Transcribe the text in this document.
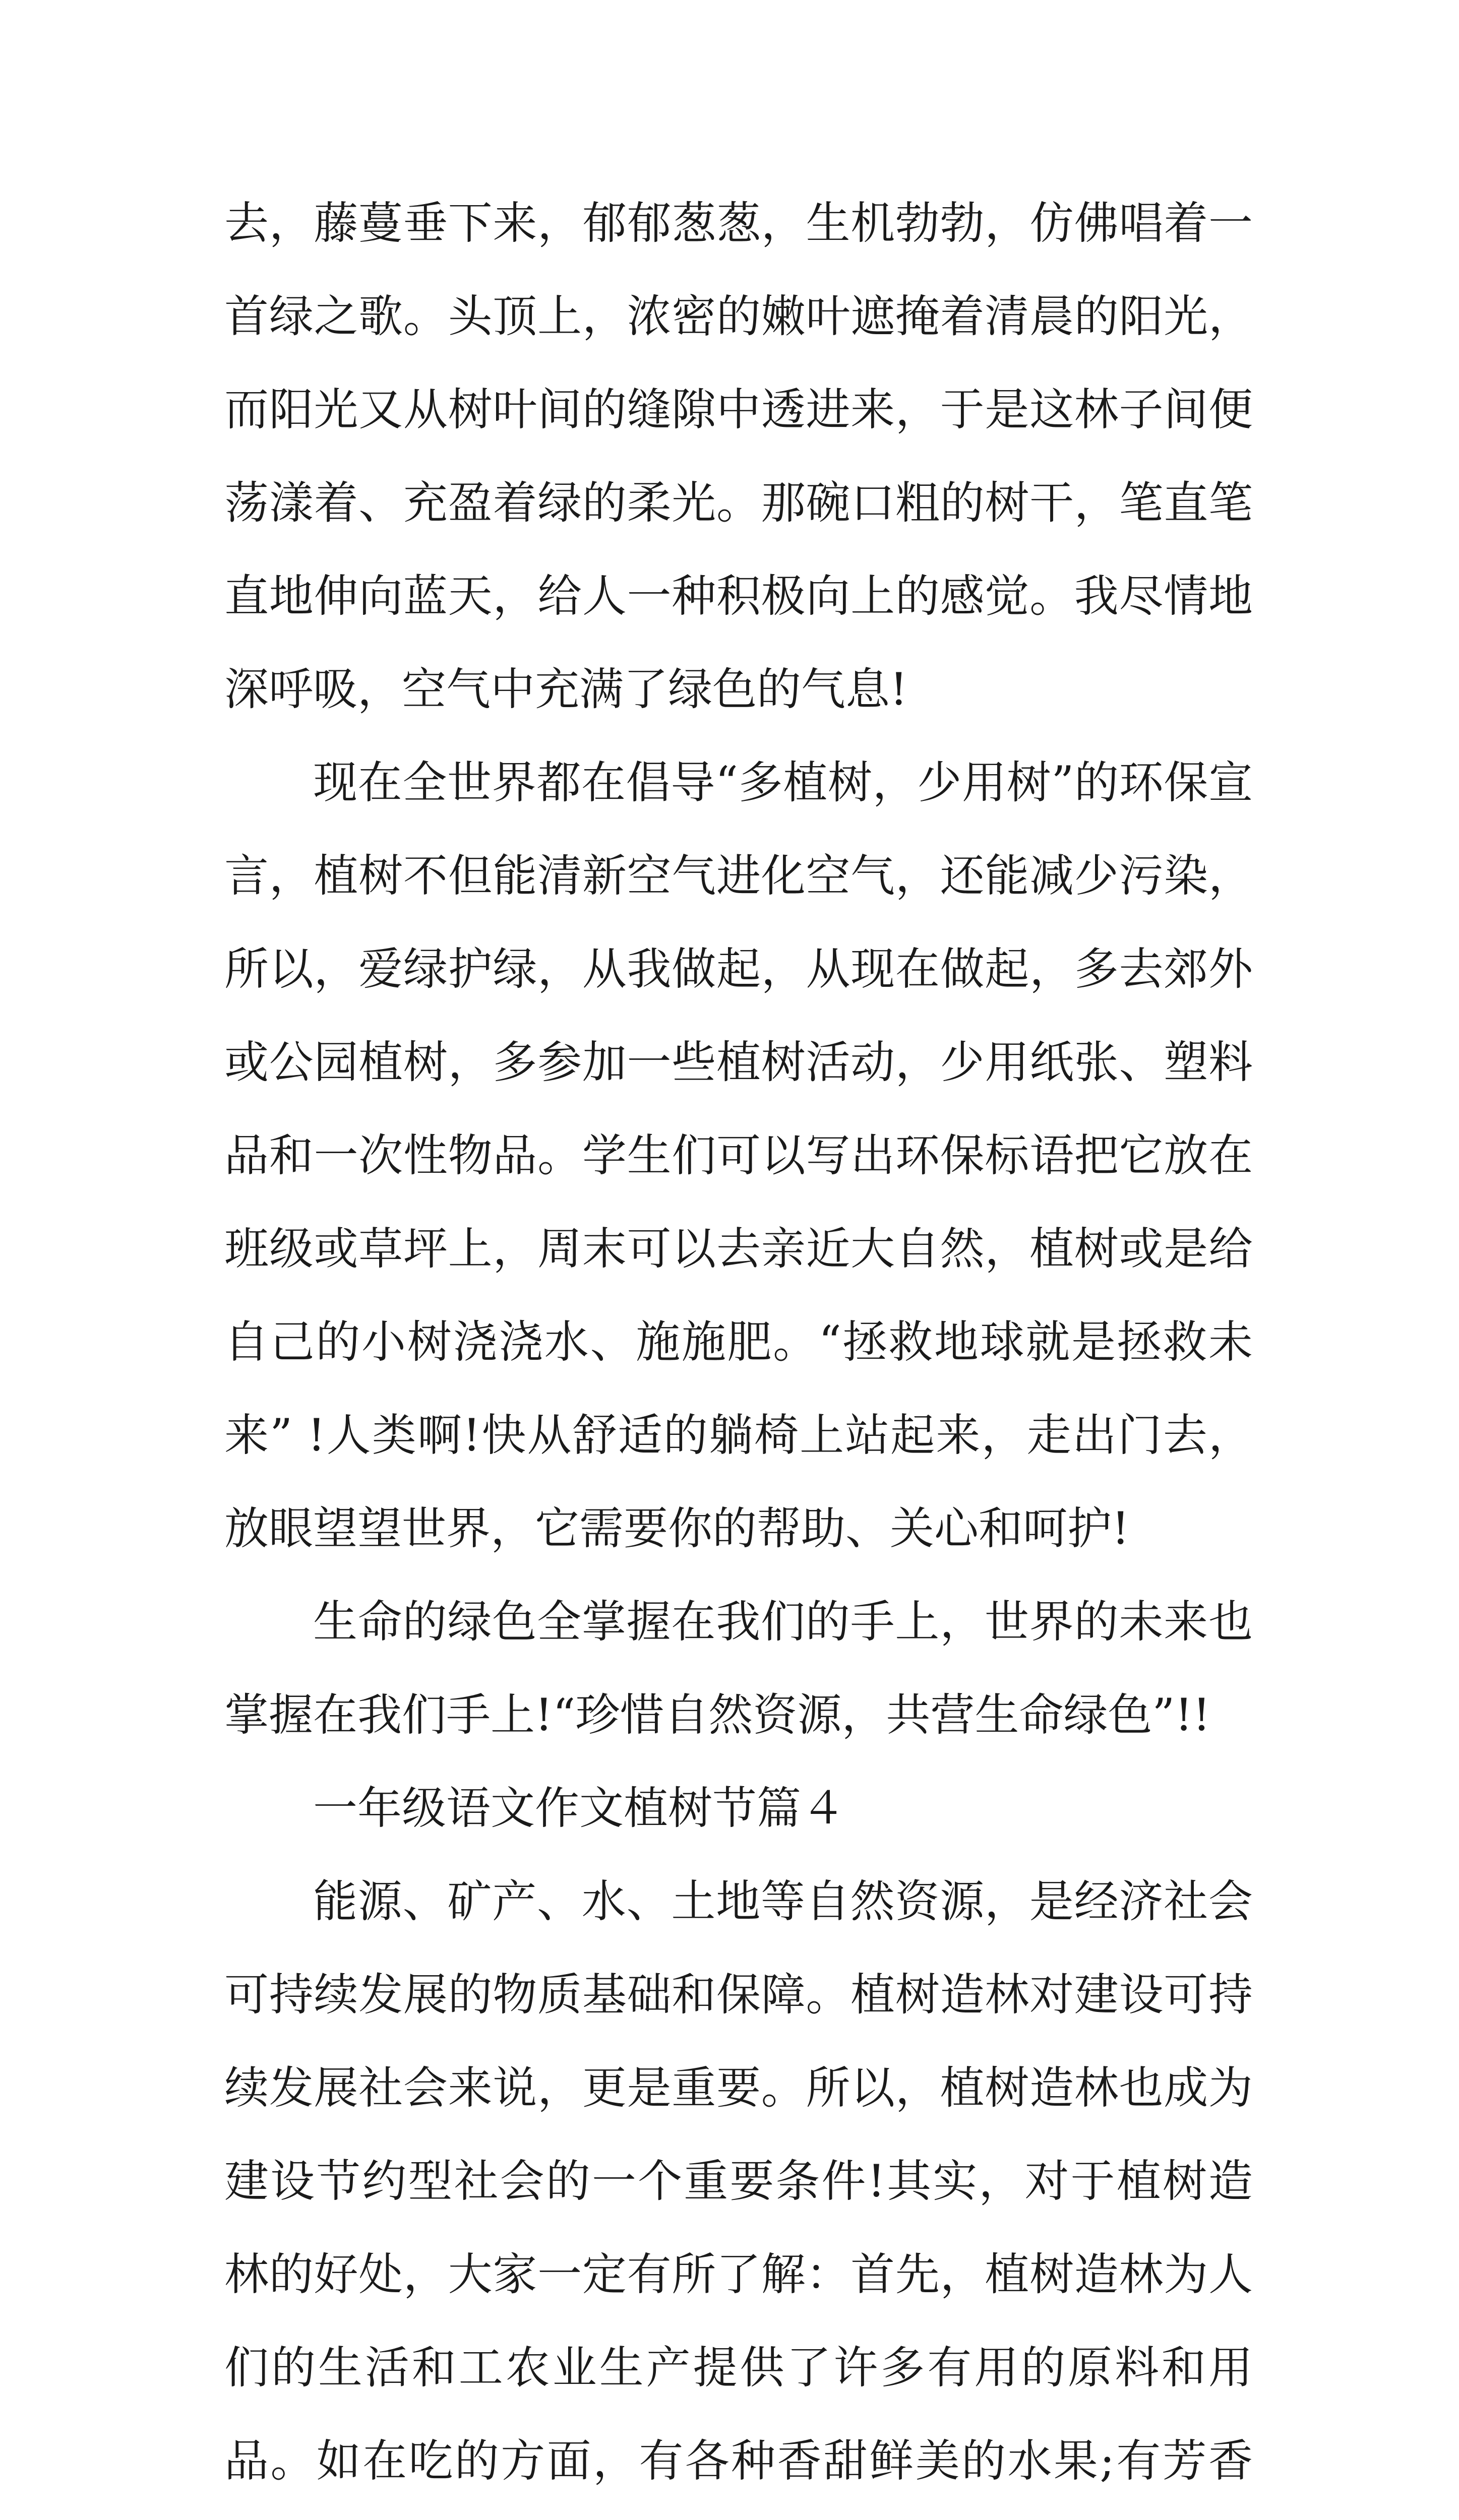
去，藤蔓垂下来，郁郁葱葱，生机勃勃，仿佛唱着一首绿之歌。头顶上，浓密的嫩叶遮掩着清晨的阳光，而阳光又从树叶间的缝隙中透进来，于是这林子间便荡漾着、充盈着绿的柔光。那碗口粗的树干，笔直笔直地伸向蓝天，给人一种积极向上的感觉。我尽情地深呼吸，空气中充满了绿色的气息!

现在全世界都在倡导“多植树，少用树”的环保宣言，植树不但能清新空气进化空气，还能减少污染，所以，爱绿护绿，从我做起，从现在做起，多去郊外或公园植树，多参加一些植树活动，少用纸张、塑料品和一次性物品。学生们可以写出环保标语把它放在班级或草坪上，周末可以去亲近大自然，植树或是给自己的小树浇浇水、施施肥。“拯救地球就是拯救未来” !人类啊!快从舒适的躺椅上站起来，走出门去，放眼望望世界，它需要你的帮助、关心和呵护!

生命的绿色全掌握在我们的手上，世界的未来也掌握在我们手上!“珍惜自然资源，共营生命绿色”!!

一年级语文作文植树节篇４

能源、矿产、水、土地等自然资源，是经济社会可持续发展的物质基础和保障。植树造林对建设可持续发展社会来说，更是重要。所以，植树造林也成为建设节约型社会的一个重要条件!其实，对于植树造林的好处，大家一定有所了解：首先，植树造林为人们的生活和工农业生产提供了许多有用的原料和用品。如在吃的方面，有各种香甜鲜美的水果;有芳香
